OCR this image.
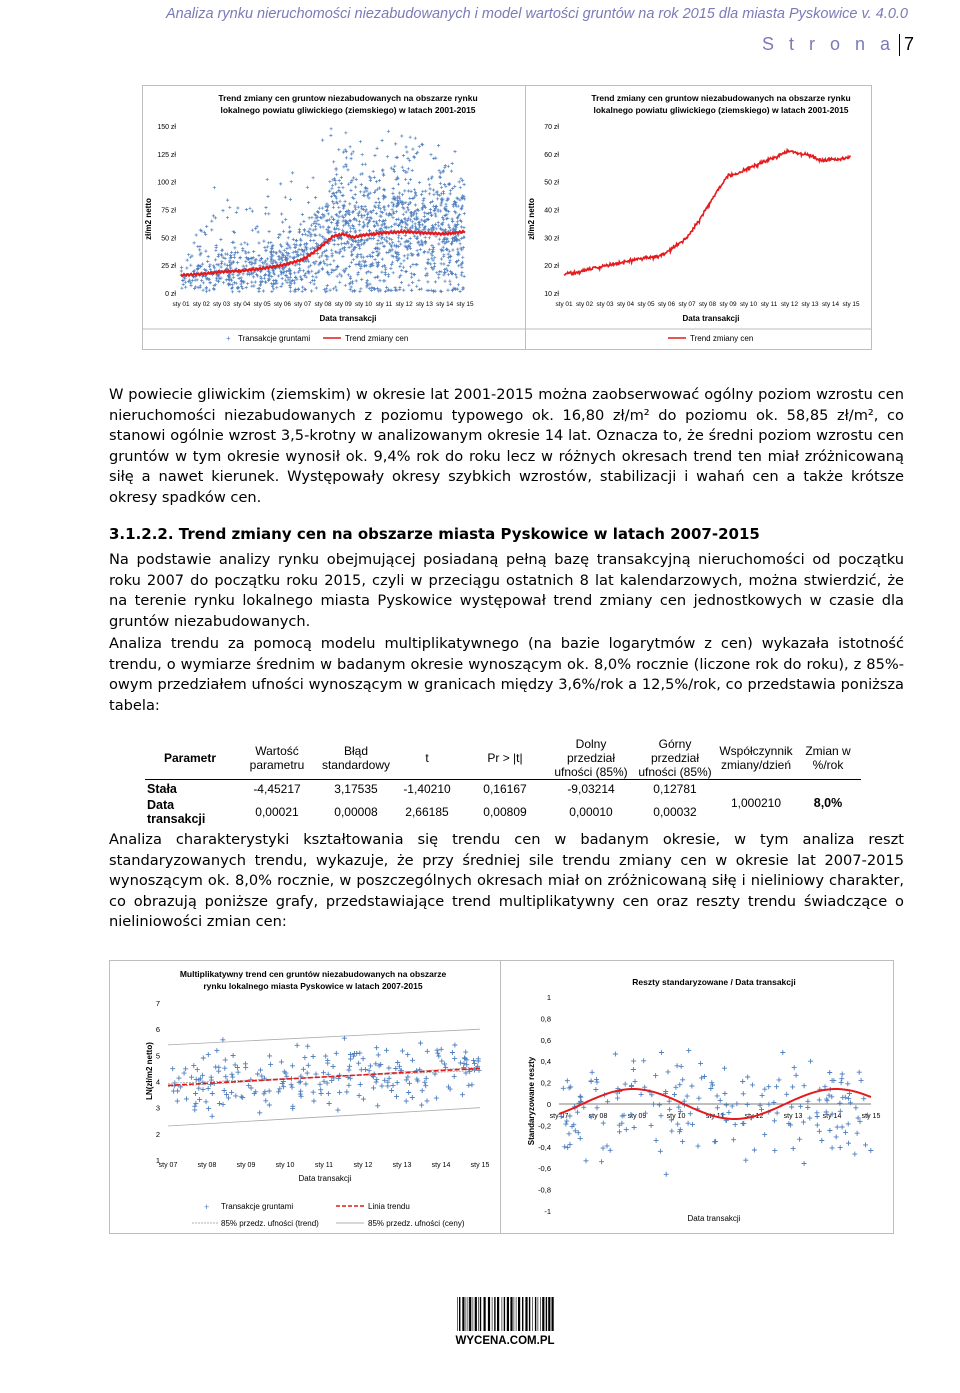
Analiza rynku nieruchomości niezabudowanych i model wartości gruntów na rok 2015 dla miasta Pyskowice v. 4.0.0
S t r o n a 7
Trend zmiany cen gruntow niezabudowanych na obszarze rynku
lokalnego powiatu gliwickiego (ziemskiego) w latach 2001-2015
zł/m2 netto
Data transakcji
+ Transakcje gruntami	Trend zmiany cen
0 zł
25 zł
50 zł
75 zł
100 zł
125 zł
150 zł
sty 01 sty 02 sty 03 sty 04 sty 05 sty 06 sty 07 sty 08 sty 09 sty 10 sty 11 sty 12 sty 13 sty 14 sty 15
Trend zmiany cen gruntow niezabudowanych na obszarze rynku
lokalnego powiatu gliwickiego (ziemskiego) w latach 2001-2015
zł/m2 netto
Data transakcji
Trend zmiany cen
10 zł
20 zł
30 zł
40 zł
50 zł
60 zł
70 zł
sty 01 sty 02 sty 03 sty 04 sty 05 sty 06 sty 07 sty 08 sty 09 sty 10 sty 11 sty 12 sty 13 sty 14 sty 15

W powiecie gliwickim (ziemskim) w okresie lat 2001-2015 można zaobserwować ogólny poziom wzrostu cen nieruchomości niezabudowanych z poziomu typowego ok. 16,80 zł/m² do poziomu ok. 58,85 zł/m², co stanowi ogólnie wzrost 3,5-krotny w analizowanym okresie 14 lat. Oznacza to, że średni poziom wzrostu cen gruntów w tym okresie wynosił ok. 9,4% rok do roku lecz w różnych okresach trend ten miał zróżnicowaną siłę a nawet kierunek. Występowały okresy szybkich wzrostów, stabilizacji i wahań cen a także krótsze okresy spadków cen.

3.1.2.2. Trend zmiany cen na obszarze miasta Pyskowice w latach 2007-2015

Na podstawie analizy rynku obejmującej posiadaną pełną bazę transakcyjną nieruchomości od początku roku 2007 do początku roku 2015, czyli w przeciągu ostatnich 8 lat kalendarzowych, można stwierdzić, że na terenie rynku lokalnego miasta Pyskowice występował trend zmiany cen jednostkowych w czasie dla gruntów niezabudowanych.

Analiza trendu za pomocą modelu multiplikatywnego (na bazie logarytmów z cen) wykazała istotność trendu, o wymiarze średnim w badanym okresie wynoszącym ok. 8,0% rocznie (liczone rok do roku), z 85%-owym przedziałem ufności wynoszącym w granicach między 3,6%/rok a 12,5%/rok, co przedstawia poniższa tabela:

Parametr	Wartość parametru	Błąd standardowy	t	Pr > |t|	Dolny przedział ufności (85%)	Górny przedział ufności (85%)	Współczynnik zmiany/dzień	Zmian w %/rok
Stała	-4,45217	3,17535	-1,40210	0,16167	-9,03214	0,12781	1,000210	8,0%
Data transakcji	0,00021	0,00008	2,66185	0,00809	0,00010	0,00032		

Analiza charakterystyki kształtowania się trendu cen w badanym okresie, w tym analiza reszt standaryzowanych trendu, wykazuje, że przy średniej sile trendu zmiany cen w okresie lat 2007-2015 wynoszącym ok. 8,0% rocznie, w poszczególnych okresach miał on zróżnicowaną siłę i nieliniowy charakter, co obrazują poniższe grafy, przedstawiające trend multiplikatywny cen oraz reszty trendu świadczące o nieliniowości zmian cen:

Multiplikatywny trend cen gruntów niezabudowanych na obszarze
rynku lokalnego miasta Pyskowice w latach 2007-2015
LN(zł/m2 netto)
Data transakcji
+ Transakcje gruntami	Linia trendu
85% przedz. ufności (trend)	85% przedz. ufności (ceny)
1
2
3
4
5
6
7
sty 07	sty 08	sty 09	sty 10	sty 11	sty 12	sty 13	sty 14	sty 15
Reszty standaryzowane / Data transakcji
Standaryzowane reszty
Data transakcji
-1
-0,8
-0,6
-0,4
-0,2
0
0,2
0,4
0,6
0,8
1
sty 07	sty 08	sty 09	sty 10	sty 11	sty 12	sty 13	sty 14	sty 15
WYCENA.COM.PL
